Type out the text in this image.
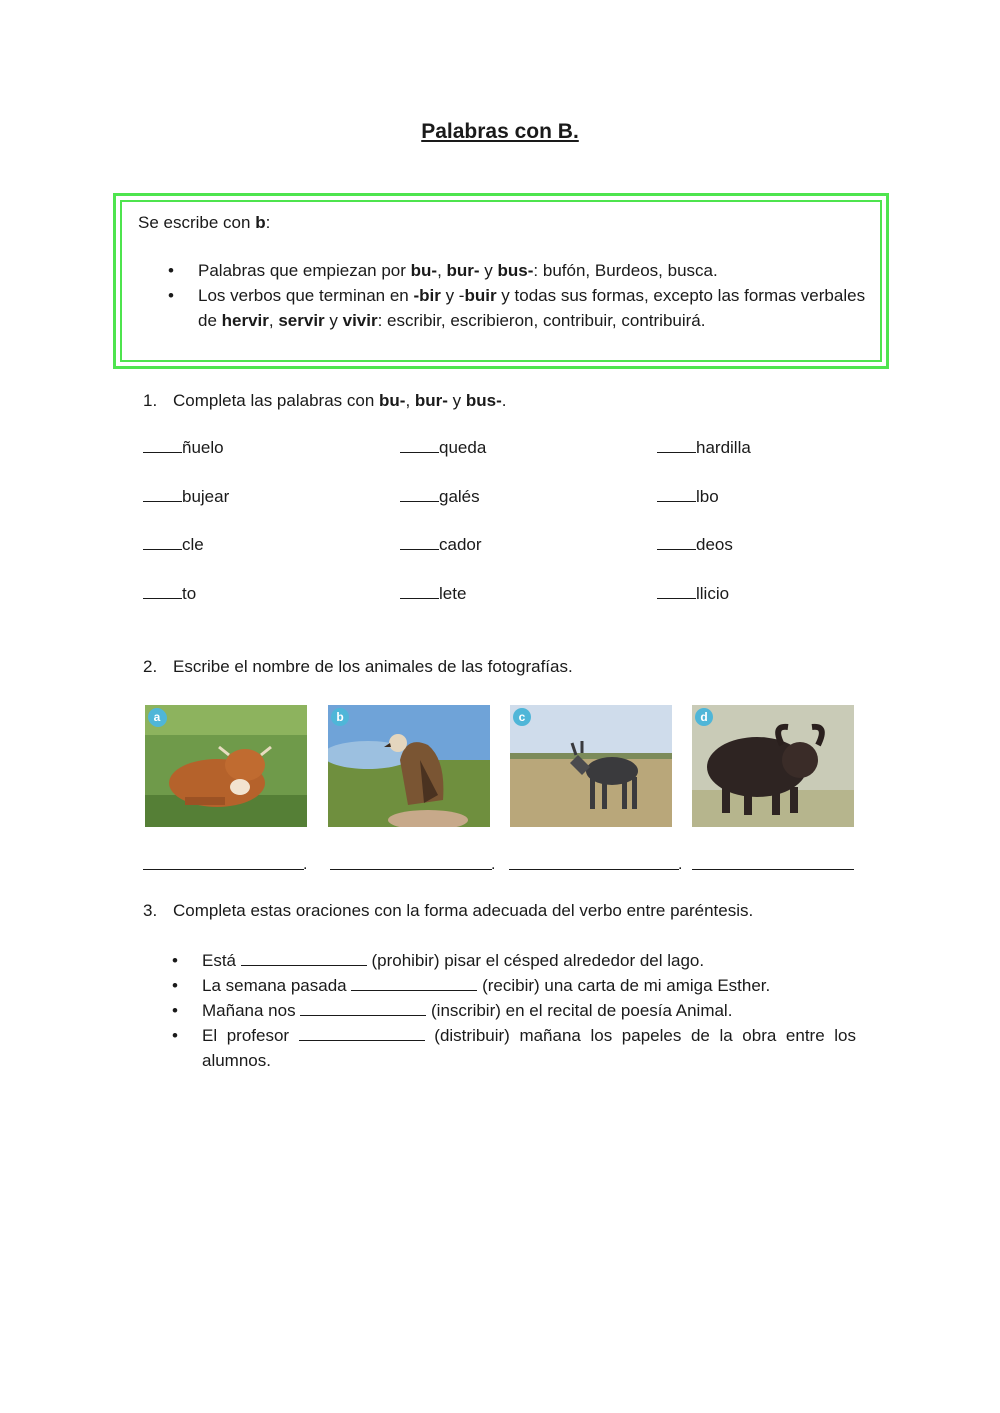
Palabras con B.
Se escribe con b:
• Palabras que empiezan por bu-, bur- y bus-: bufón, Burdeos, busca.
• Los verbos que terminan en -bir y -buir y todas sus formas, excepto las formas verbales de hervir, servir y vivir: escribir, escribieron, contribuir, contribuirá.
1. Completa las palabras con bu-, bur- y bus-.
ñuelo	queda	hardilla
bujear	galés	lbo
cle	cador	deos
to	lete	llicio
2. Escribe el nombre de los animales de las fotografías.
a	b	c	d
.	.	.
3. Completa estas oraciones con la forma adecuada del verbo entre paréntesis.
• Está	(prohibir) pisar el césped alrededor del lago.
• La semana pasada	(recibir) una carta de mi amiga Esther.
• Mañana nos	(inscribir) en el recital de poesía Animal.
• El profesor	(distribuir) mañana los papeles de la obra entre los alumnos.
